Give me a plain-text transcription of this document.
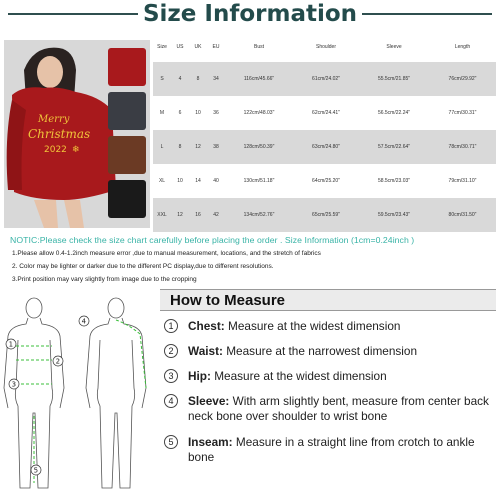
Size Information
Merry
Christmas
2022 ❄
Size	US	UK	EU	Bust	Shoulder	Sleeve	Length
S	4	8	34	116cm/45.66"	61cm/24.02"	55.5cm/21.85"	76cm/29.92"
M	6	10	36	122cm/48.03"	62cm/24.41"	56.5cm/22.24"	77cm/30.31"
L	8	12	38	128cm/50.39"	63cm/24.80"	57.5cm/22.64"	78cm/30.71"
XL	10	14	40	130cm/51.18"	64cm/25.20"	58.5cm/23.03"	79cm/31.10"
XXL	12	16	42	134cm/52.76"	65cm/25.59"	59.5cm/23.43"	80cm/31.50"
NOTIC:Please check the size chart carefully before placing the order . Size Information (1cm=0.24inch )
1.Please allow 0.4-1.2inch measure error ,due to manual measurement, locations, and the stretch of fabrics
2. Color may be lighter or darker due to the different PC display,due to different resolutions.
3.Print position may vary slightly from image due to the cropping
1
2
3
4
5
How to Measure
1	Chest: Measure at the widest dimension
2	Waist: Measure at the narrowest dimension
3	Hip: Measure at the widest dimension
4	Sleeve: With arm slightly bent, measure from center back neck bone over shoulder to wrist bone
5	Inseam: Measure in a straight line from crotch to ankle bone
